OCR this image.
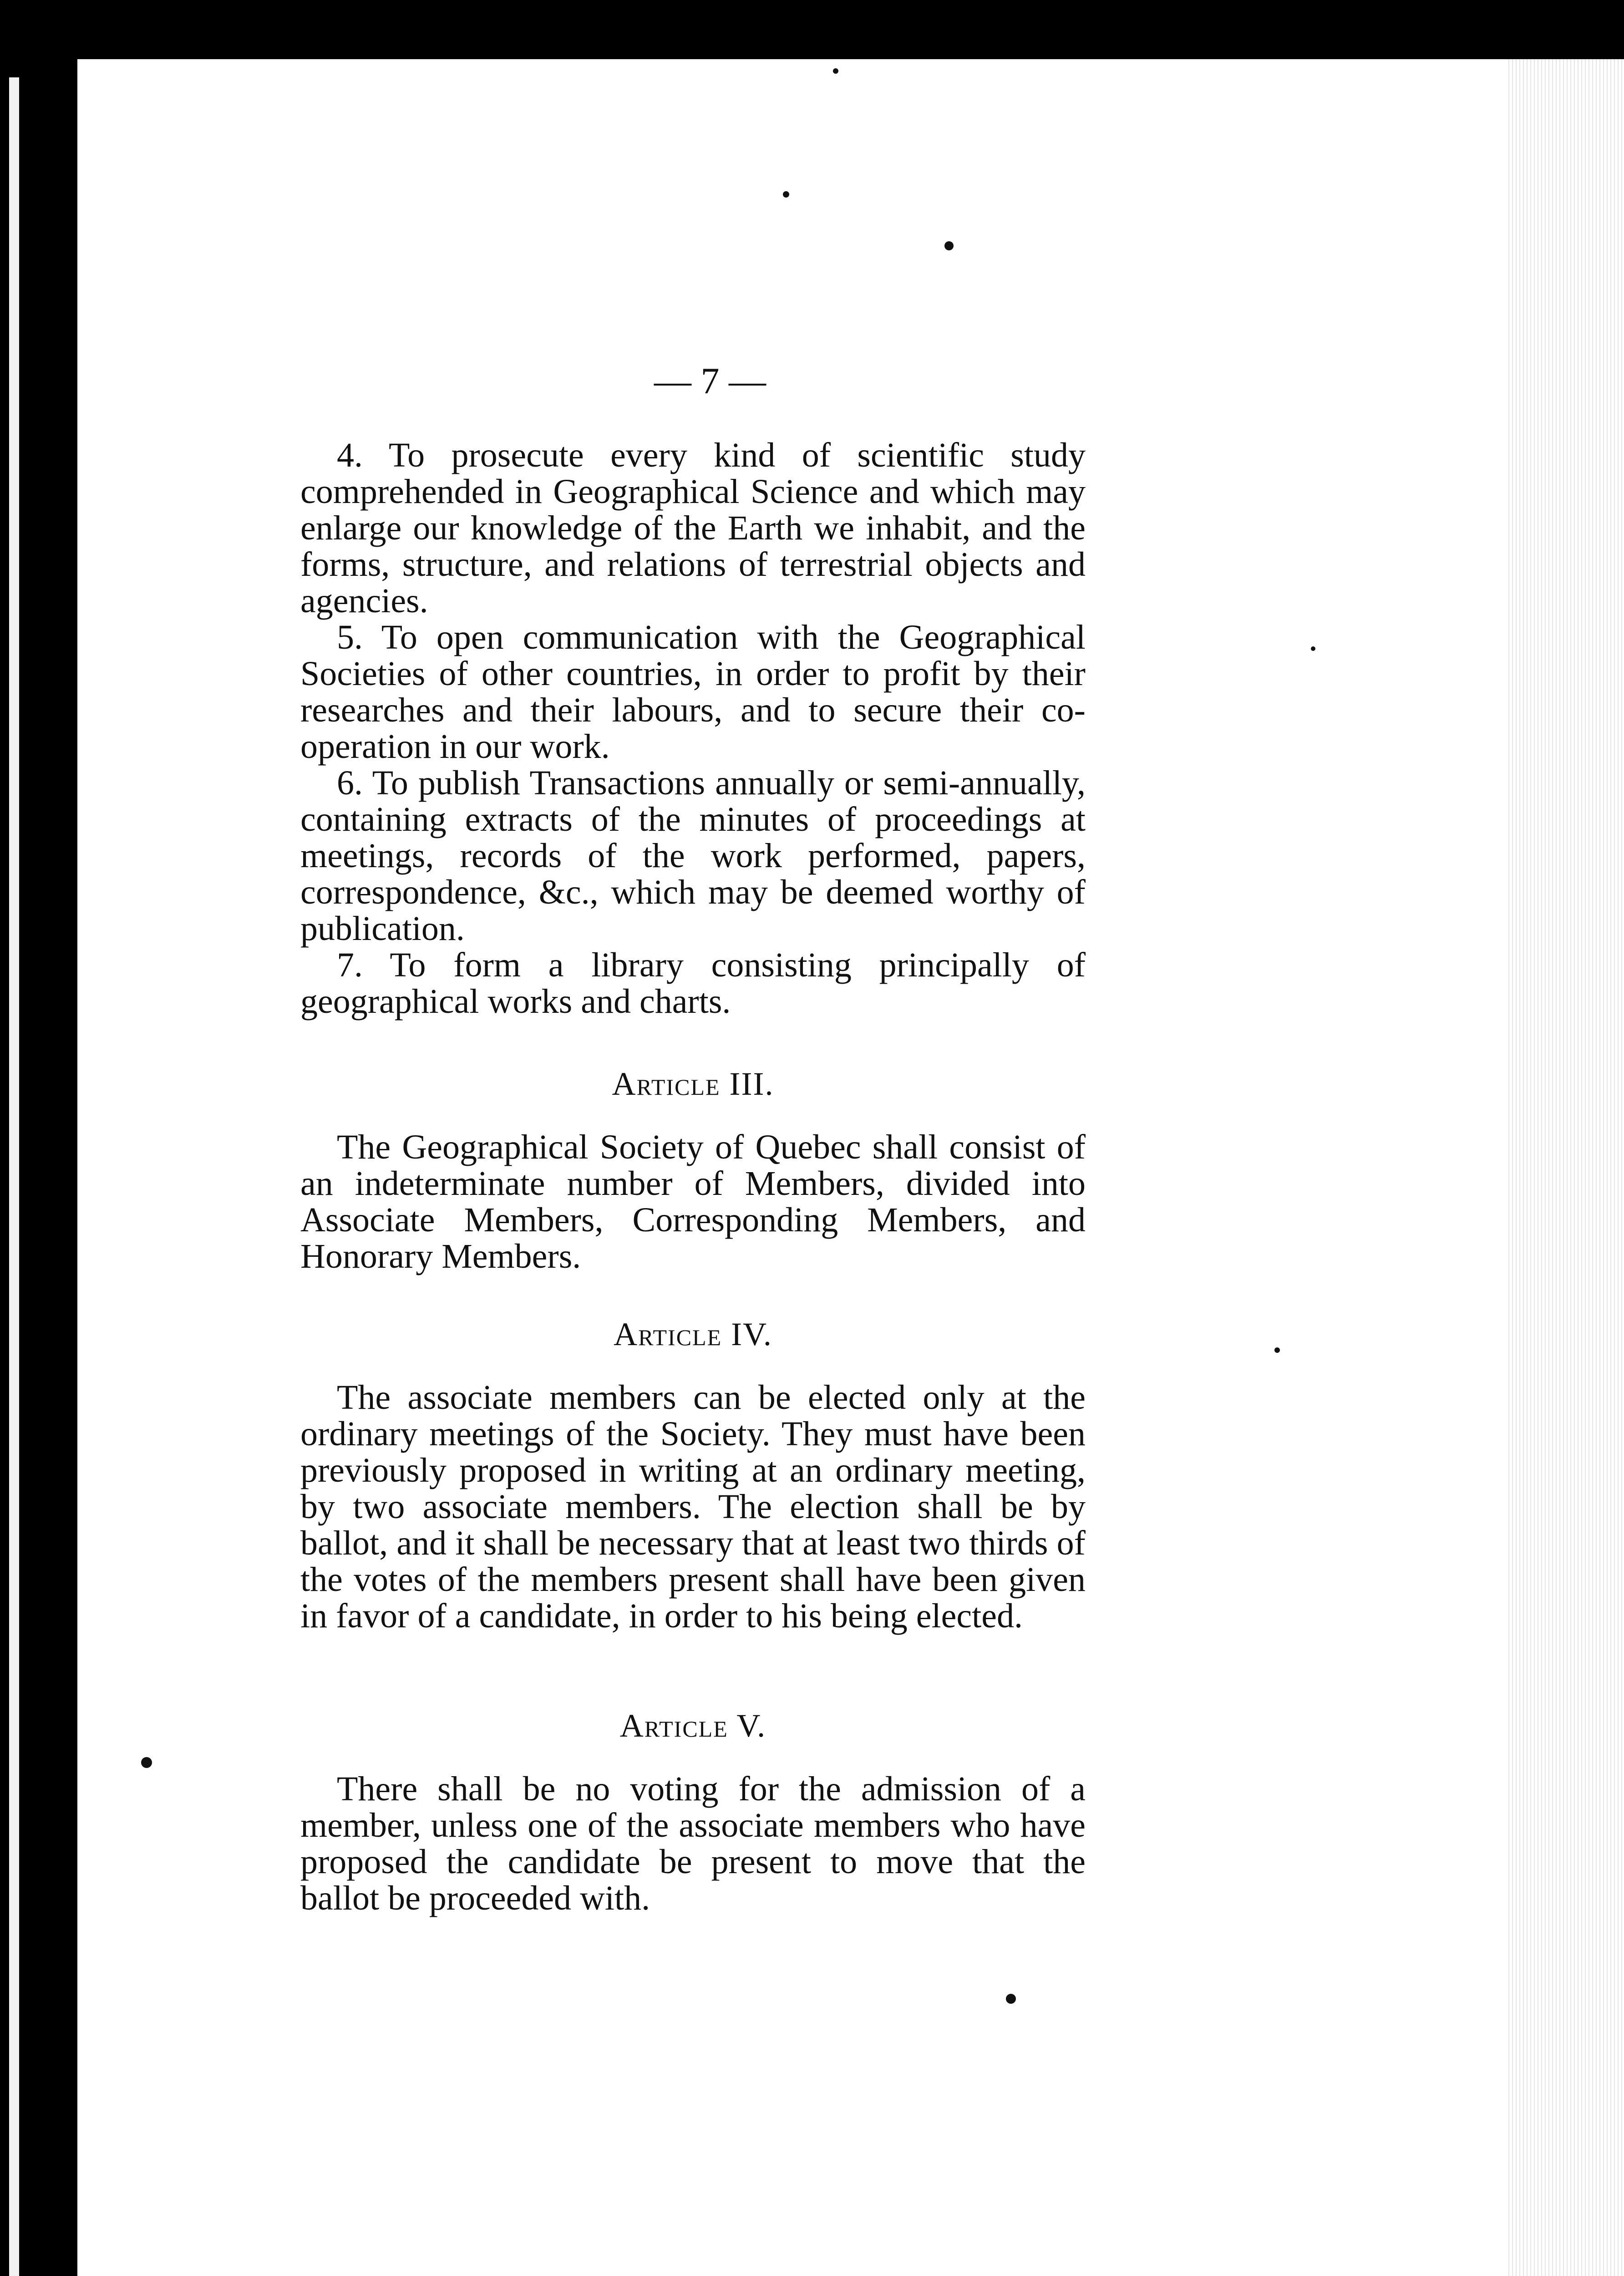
— 7 —

4. To prosecute every kind of scientific study comprehended in Geographical Science and which may enlarge our knowledge of the Earth we inhabit, and the forms, structure, and relations of terrestrial objects and agencies.

5. To open communication with the Geographical Societies of other countries, in order to profit by their researches and their labours, and to secure their co-operation in our work.

6. To publish Transactions annually or semi-annually, containing extracts of the minutes of proceedings at meetings, records of the work performed, papers, correspondence, &c., which may be deemed worthy of publication.

7. To form a library consisting principally of geographical works and charts.

Article III.

The Geographical Society of Quebec shall consist of an indeterminate number of Members, divided into Associate Members, Corresponding Members, and Honorary Members.

Article IV.

The associate members can be elected only at the ordinary meetings of the Society. They must have been previously proposed in writing at an ordinary meeting, by two associate members. The election shall be by ballot, and it shall be necessary that at least two thirds of the votes of the members present shall have been given in favor of a candidate, in order to his being elected.

Article V.

There shall be no voting for the admission of a member, unless one of the associate members who have proposed the candidate be present to move that the ballot be proceeded with.
